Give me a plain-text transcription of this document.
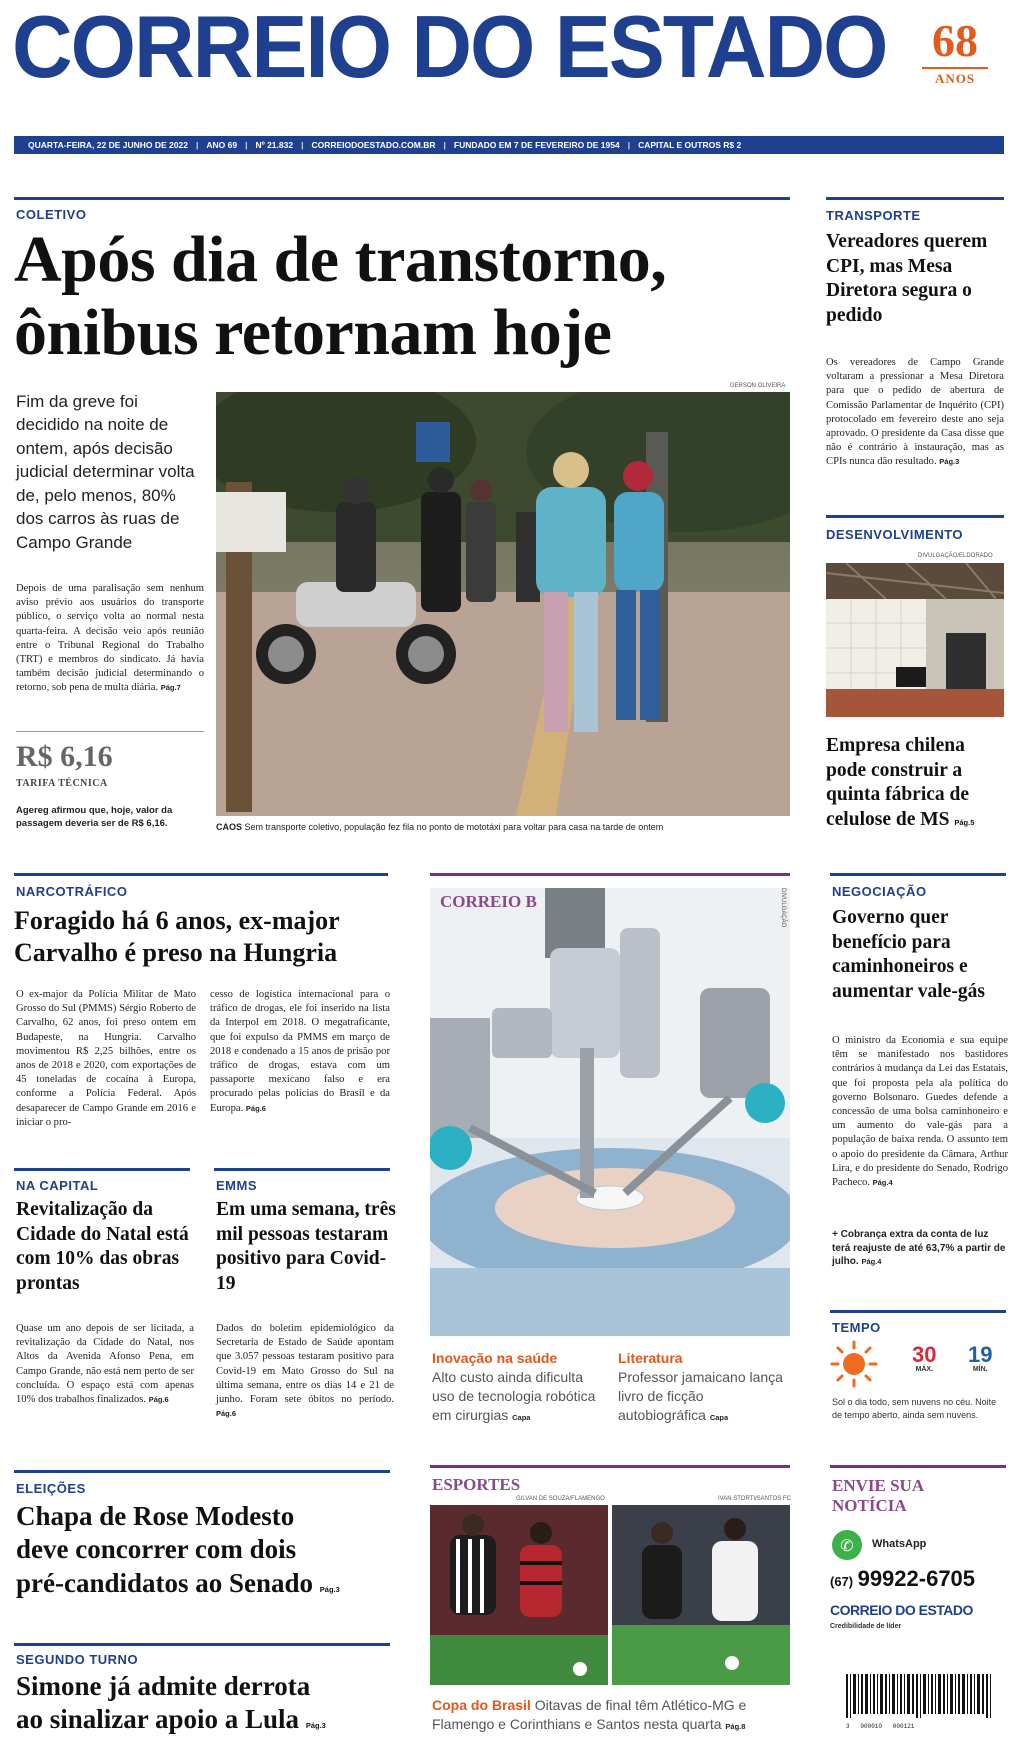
CORREIO DO ESTADO 68
ANOS
QUARTA-FEIRA, 22 DE JUNHO DE 2022 | ANO 69 | Nº 21.832 | CORREIODOESTADO.COM.BR | FUNDADO EM 7 DE FEVEREIRO DE 1954 | CAPITAL E OUTROS R$ 2
COLETIVO
Após dia de transtorno,
ônibus retornam hoje
Fim da greve foi decidido na noite de ontem, após decisão judicial determinar volta de, pelo menos, 80% dos carros às ruas de Campo Grande
Depois de uma paralisação sem nenhum aviso prévio aos usuários do transporte público, o serviço volta ao normal nesta quarta-feira. A decisão veio após reunião entre o Tribunal Regional do Trabalho (TRT) e membros do sindicato. Já havia também decisão judicial determinando o retorno, sob pena de multa diária. Pág.7
R$ 6,16
TARIFA TÉCNICA
Agereg afirmou que, hoje, valor da passagem deveria ser de R$ 6,16.
GERSON OLIVEIRA
CAOS Sem transporte coletivo, população fez fila no ponto de mototáxi para voltar para casa na tarde de ontem
TRANSPORTE
Vereadores querem CPI, mas Mesa Diretora segura o pedido
Os vereadores de Campo Grande voltaram a pressionar a Mesa Diretora para que o pedido de abertura de Comissão Parlamentar de Inquérito (CPI) protocolado em fevereiro deste ano seja aprovado. O presidente da Casa disse que não é contrário à instauração, mas as CPIs nunca dão resultado. Pág.3
DESENVOLVIMENTO
DIVULGAÇÃO/ELDORADO
Empresa chilena pode construir a quinta fábrica de celulose de MS Pág.5
NARCOTRÁFICO
Foragido há 6 anos, ex-major
Carvalho é preso na Hungria
O ex-major da Polícia Militar de Mato Grosso do Sul (PMMS) Sérgio Roberto de Carvalho, 62 anos, foi preso ontem em Budapeste, na Hungria. Carvalho movimentou R$ 2,25 bilhões, entre os anos de 2018 e 2020, com exportações de 45 toneladas de cocaína à Europa, conforme a Polícia Federal. Após desaparecer de Campo Grande em 2016 e iniciar o pro-
cesso de logística internacional para o tráfico de drogas, ele foi inserido na lista da Interpol em 2018. O megatraficante, que foi expulso da PMMS em março de 2018 e condenado a 15 anos de prisão por tráfico de drogas, estava com um passaporte mexicano falso e era procurado pelas polícias do Brasil e da Europa. Pág.6
NA CAPITAL
Revitalização da Cidade do Natal está com 10% das obras prontas
Quase um ano depois de ser licitada, a revitalização da Cidade do Natal, nos Altos da Avenida Afonso Pena, em Campo Grande, não está nem perto de ser concluída. O espaço está com apenas 10% dos trabalhos finalizados. Pág.6
EMMS
Em uma semana, três mil pessoas testaram positivo para Covid-19
Dados do boletim epidemiológico da Secretaria de Estado de Saúde apontam que 3.057 pessoas testaram positivo para Covid-19 em Mato Grosso do Sul na última semana, entre os dias 14 e 21 de junho. Foram sete óbitos no período. Pág.6
CORREIO B	DIVULGAÇÃO
Inovação na saúde
Alto custo ainda dificulta uso de tecnologia robótica em cirurgias Capa
Literatura
Professor jamaicano lança livro de ficção autobiográfica Capa
NEGOCIAÇÃO
Governo quer benefício para caminhoneiros e aumentar vale-gás
O ministro da Economia e sua equipe têm se manifestado nos bastidores contrários à mudança da Lei das Estatais, que foi proposta pela ala política do governo Bolsonaro. Guedes defende a concessão de uma bolsa caminhoneiro e um aumento do vale-gás para a população de baixa renda. O assunto tem o apoio do presidente da Câmara, Arthur Lira, e do presidente do Senado, Rodrigo Pacheco. Pág.4
+ Cobrança extra da conta de luz terá reajuste de até 63,7% a partir de julho. Pág.4
TEMPO
30
MÁX.
19
MÍN.
Sol o dia todo, sem nuvens no céu. Noite de tempo aberto, ainda sem nuvens.
ELEIÇÕES
Chapa de Rose Modesto
deve concorrer com dois
pré-candidatos ao Senado Pág.3
SEGUNDO TURNO
Simone já admite derrota
ao sinalizar apoio a Lula Pág.3
ESPORTES
GILVAN DE SOUZA/FLAMENGO	IVAN STORTI/SANTOS FC
Copa do Brasil Oitavas de final têm Atlético-MG e Flamengo e Corinthians e Santos nesta quarta Pág.8
ENVIE SUA
NOTÍCIA
✆	WhatsApp
(67) 99922-6705
CORREIO DO ESTADO
Credibilidade de líder
3   000010   000121
